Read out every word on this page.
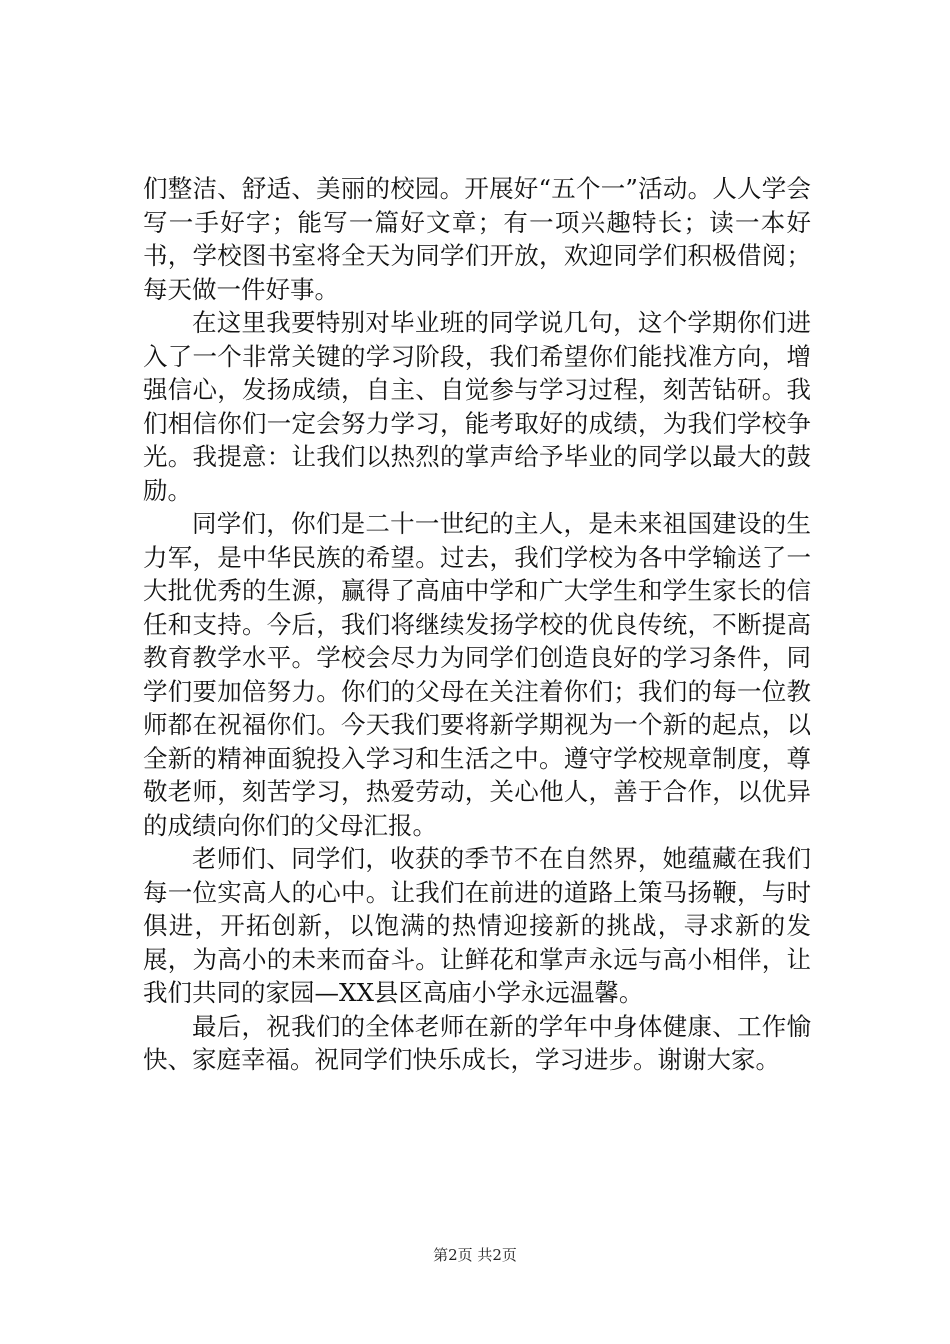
们整洁、舒适、美丽的校园。开展好“五个一”活动。人人学会写一手好字；能写一篇好文章；有一项兴趣特长；读一本好书，学校图书室将全天为同学们开放，欢迎同学们积极借阅；每天做一件好事。

在这里我要特别对毕业班的同学说几句，这个学期你们进入了一个非常关键的学习阶段，我们希望你们能找准方向，增强信心，发扬成绩，自主、自觉参与学习过程，刻苦钻研。我们相信你们一定会努力学习，能考取好的成绩，为我们学校争光。我提意：让我们以热烈的掌声给予毕业的同学以最大的鼓励。

同学们，你们是二十一世纪的主人，是未来祖国建设的生力军，是中华民族的希望。过去，我们学校为各中学输送了一大批优秀的生源，赢得了高庙中学和广大学生和学生家长的信任和支持。今后，我们将继续发扬学校的优良传统，不断提高教育教学水平。学校会尽力为同学们创造良好的学习条件，同学们要加倍努力。你们的父母在关注着你们；我们的每一位教师都在祝福你们。今天我们要将新学期视为一个新的起点，以全新的精神面貌投入学习和生活之中。遵守学校规章制度，尊敬老师，刻苦学习，热爱劳动，关心他人，善于合作，以优异的成绩向你们的父母汇报。

老师们、同学们，收获的季节不在自然界，她蕴藏在我们每一位实高人的心中。让我们在前进的道路上策马扬鞭，与时俱进，开拓创新，以饱满的热情迎接新的挑战，寻求新的发展，为高小的未来而奋斗。让鲜花和掌声永远与高小相伴，让我们共同的家园—XX县区高庙小学永远温馨。

最后，祝我们的全体老师在新的学年中身体健康、工作愉快、家庭幸福。祝同学们快乐成长，学习进步。谢谢大家。

第2页 共2页
